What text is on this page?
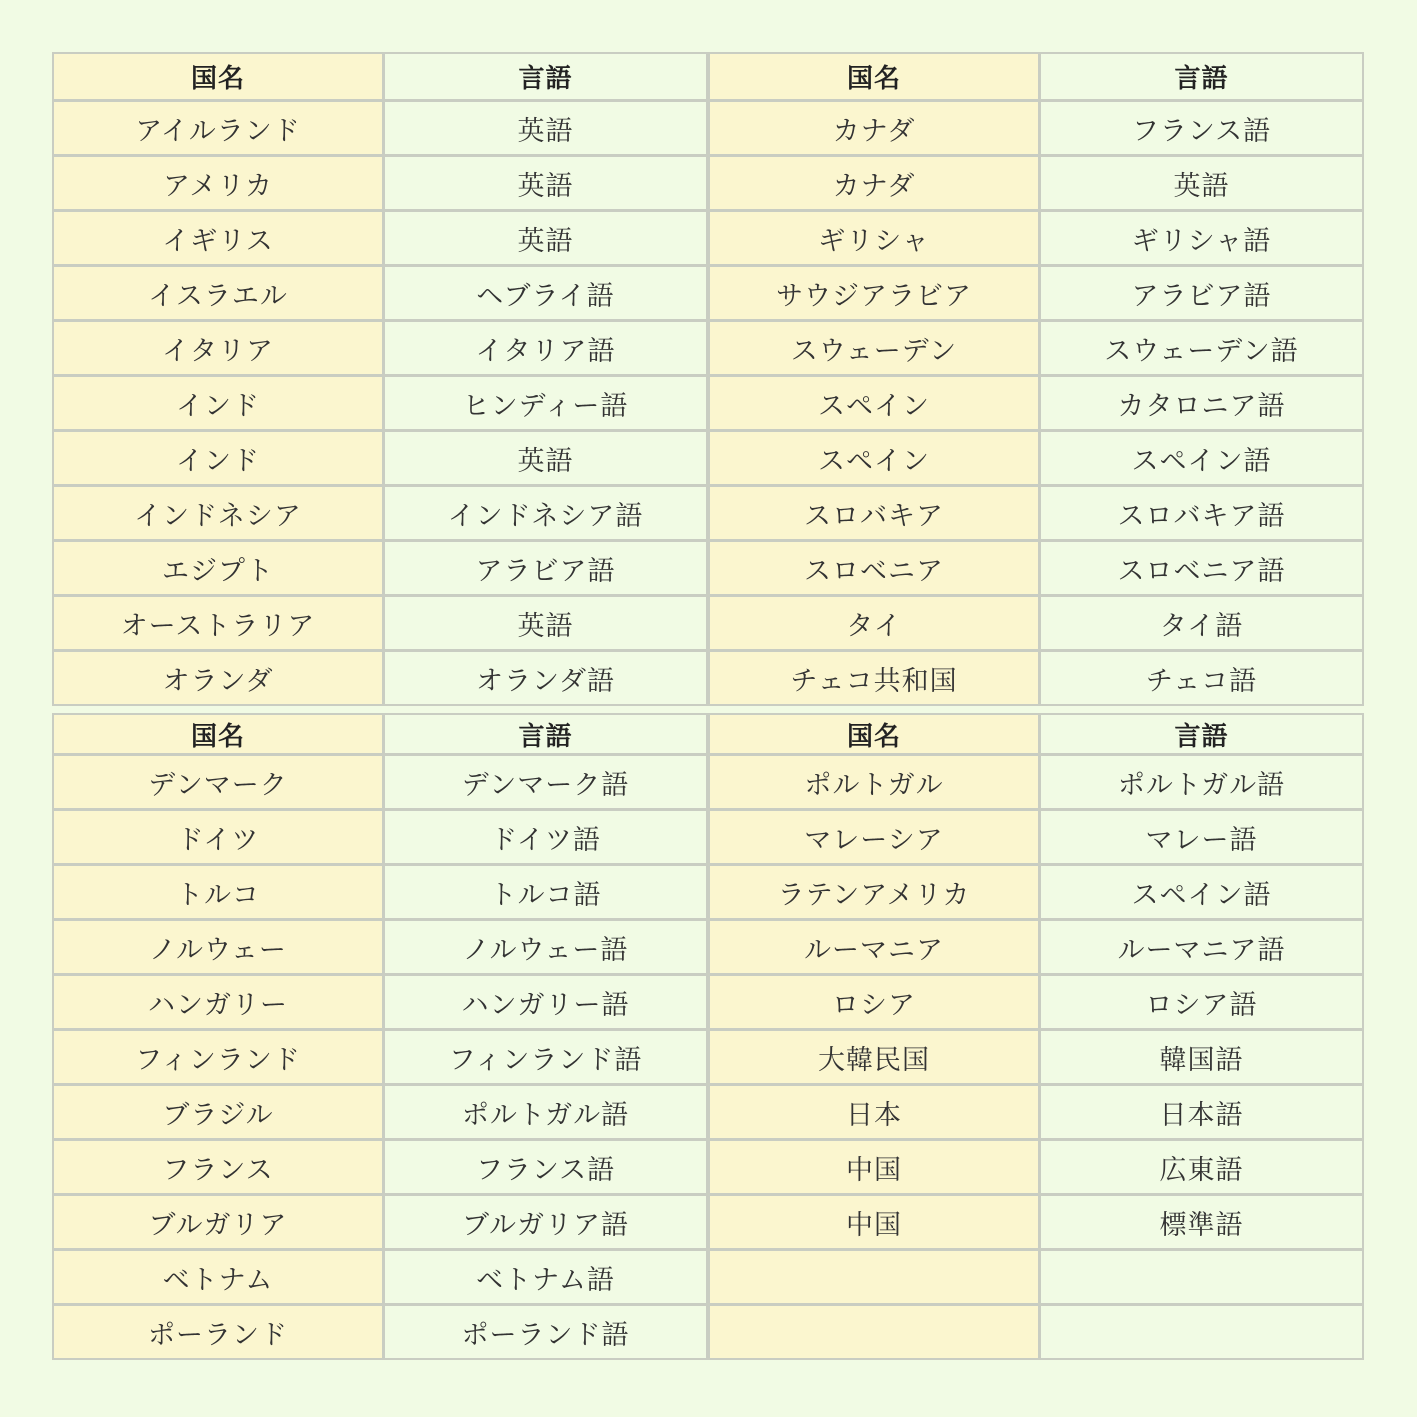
国名	言語
アイルランド	英語
アメリカ	英語
イギリス	英語
イスラエル	ヘブライ語
イタリア	イタリア語
インド	ヒンディー語
インド	英語
インドネシア	インドネシア語
エジプト	アラビア語
オーストラリア	英語
オランダ	オランダ語
国名	言語
カナダ	フランス語
カナダ	英語
ギリシャ	ギリシャ語
サウジアラビア	アラビア語
スウェーデン	スウェーデン語
スペイン	カタロニア語
スペイン	スペイン語
スロバキア	スロバキア語
スロベニア	スロベニア語
タイ	タイ語
チェコ共和国	チェコ語
国名	言語
デンマーク	デンマーク語
ドイツ	ドイツ語
トルコ	トルコ語
ノルウェー	ノルウェー語
ハンガリー	ハンガリー語
フィンランド	フィンランド語
ブラジル	ポルトガル語
フランス	フランス語
ブルガリア	ブルガリア語
ベトナム	ベトナム語
ポーランド	ポーランド語
国名	言語
ポルトガル	ポルトガル語
マレーシア	マレー語
ラテンアメリカ	スペイン語
ルーマニア	ルーマニア語
ロシア	ロシア語
大韓民国	韓国語
日本	日本語
中国	広東語
中国	標準語
